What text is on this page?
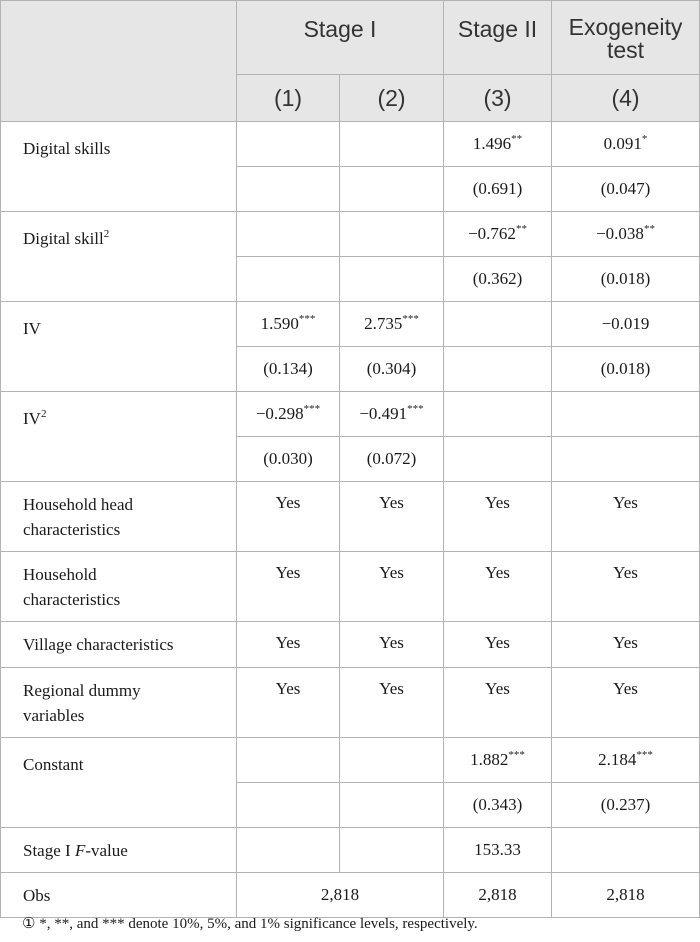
	Stage I		Stage II	Exogeneity
test
	(1)	(2)	(3)	(4)
Digital skills			1.496**	0.091*
			(0.691)	(0.047)
Digital skill$^2$			−0.762**	−0.038**
			(0.362)	(0.018)
IV	1.590***	2.735***		−0.019
	(0.134)	(0.304)		(0.018)
$IV^2$	−0.298***	−0.491***		
	(0.030)	(0.072)		
Household head
characteristics	Yes	Yes	Yes	Yes
Household
characteristics	Yes	Yes	Yes	Yes
Village characteristics	Yes	Yes	Yes	Yes
Regional dummy
variables	Yes	Yes	Yes	Yes
Constant			1.882***	2.184***
			(0.343)	(0.237)
Stage I F-value			153.33	
Obs	2,818		2,818	2,818
① *, **, and *** denote 10%, 5%, and 1% significance levels, respectively.
